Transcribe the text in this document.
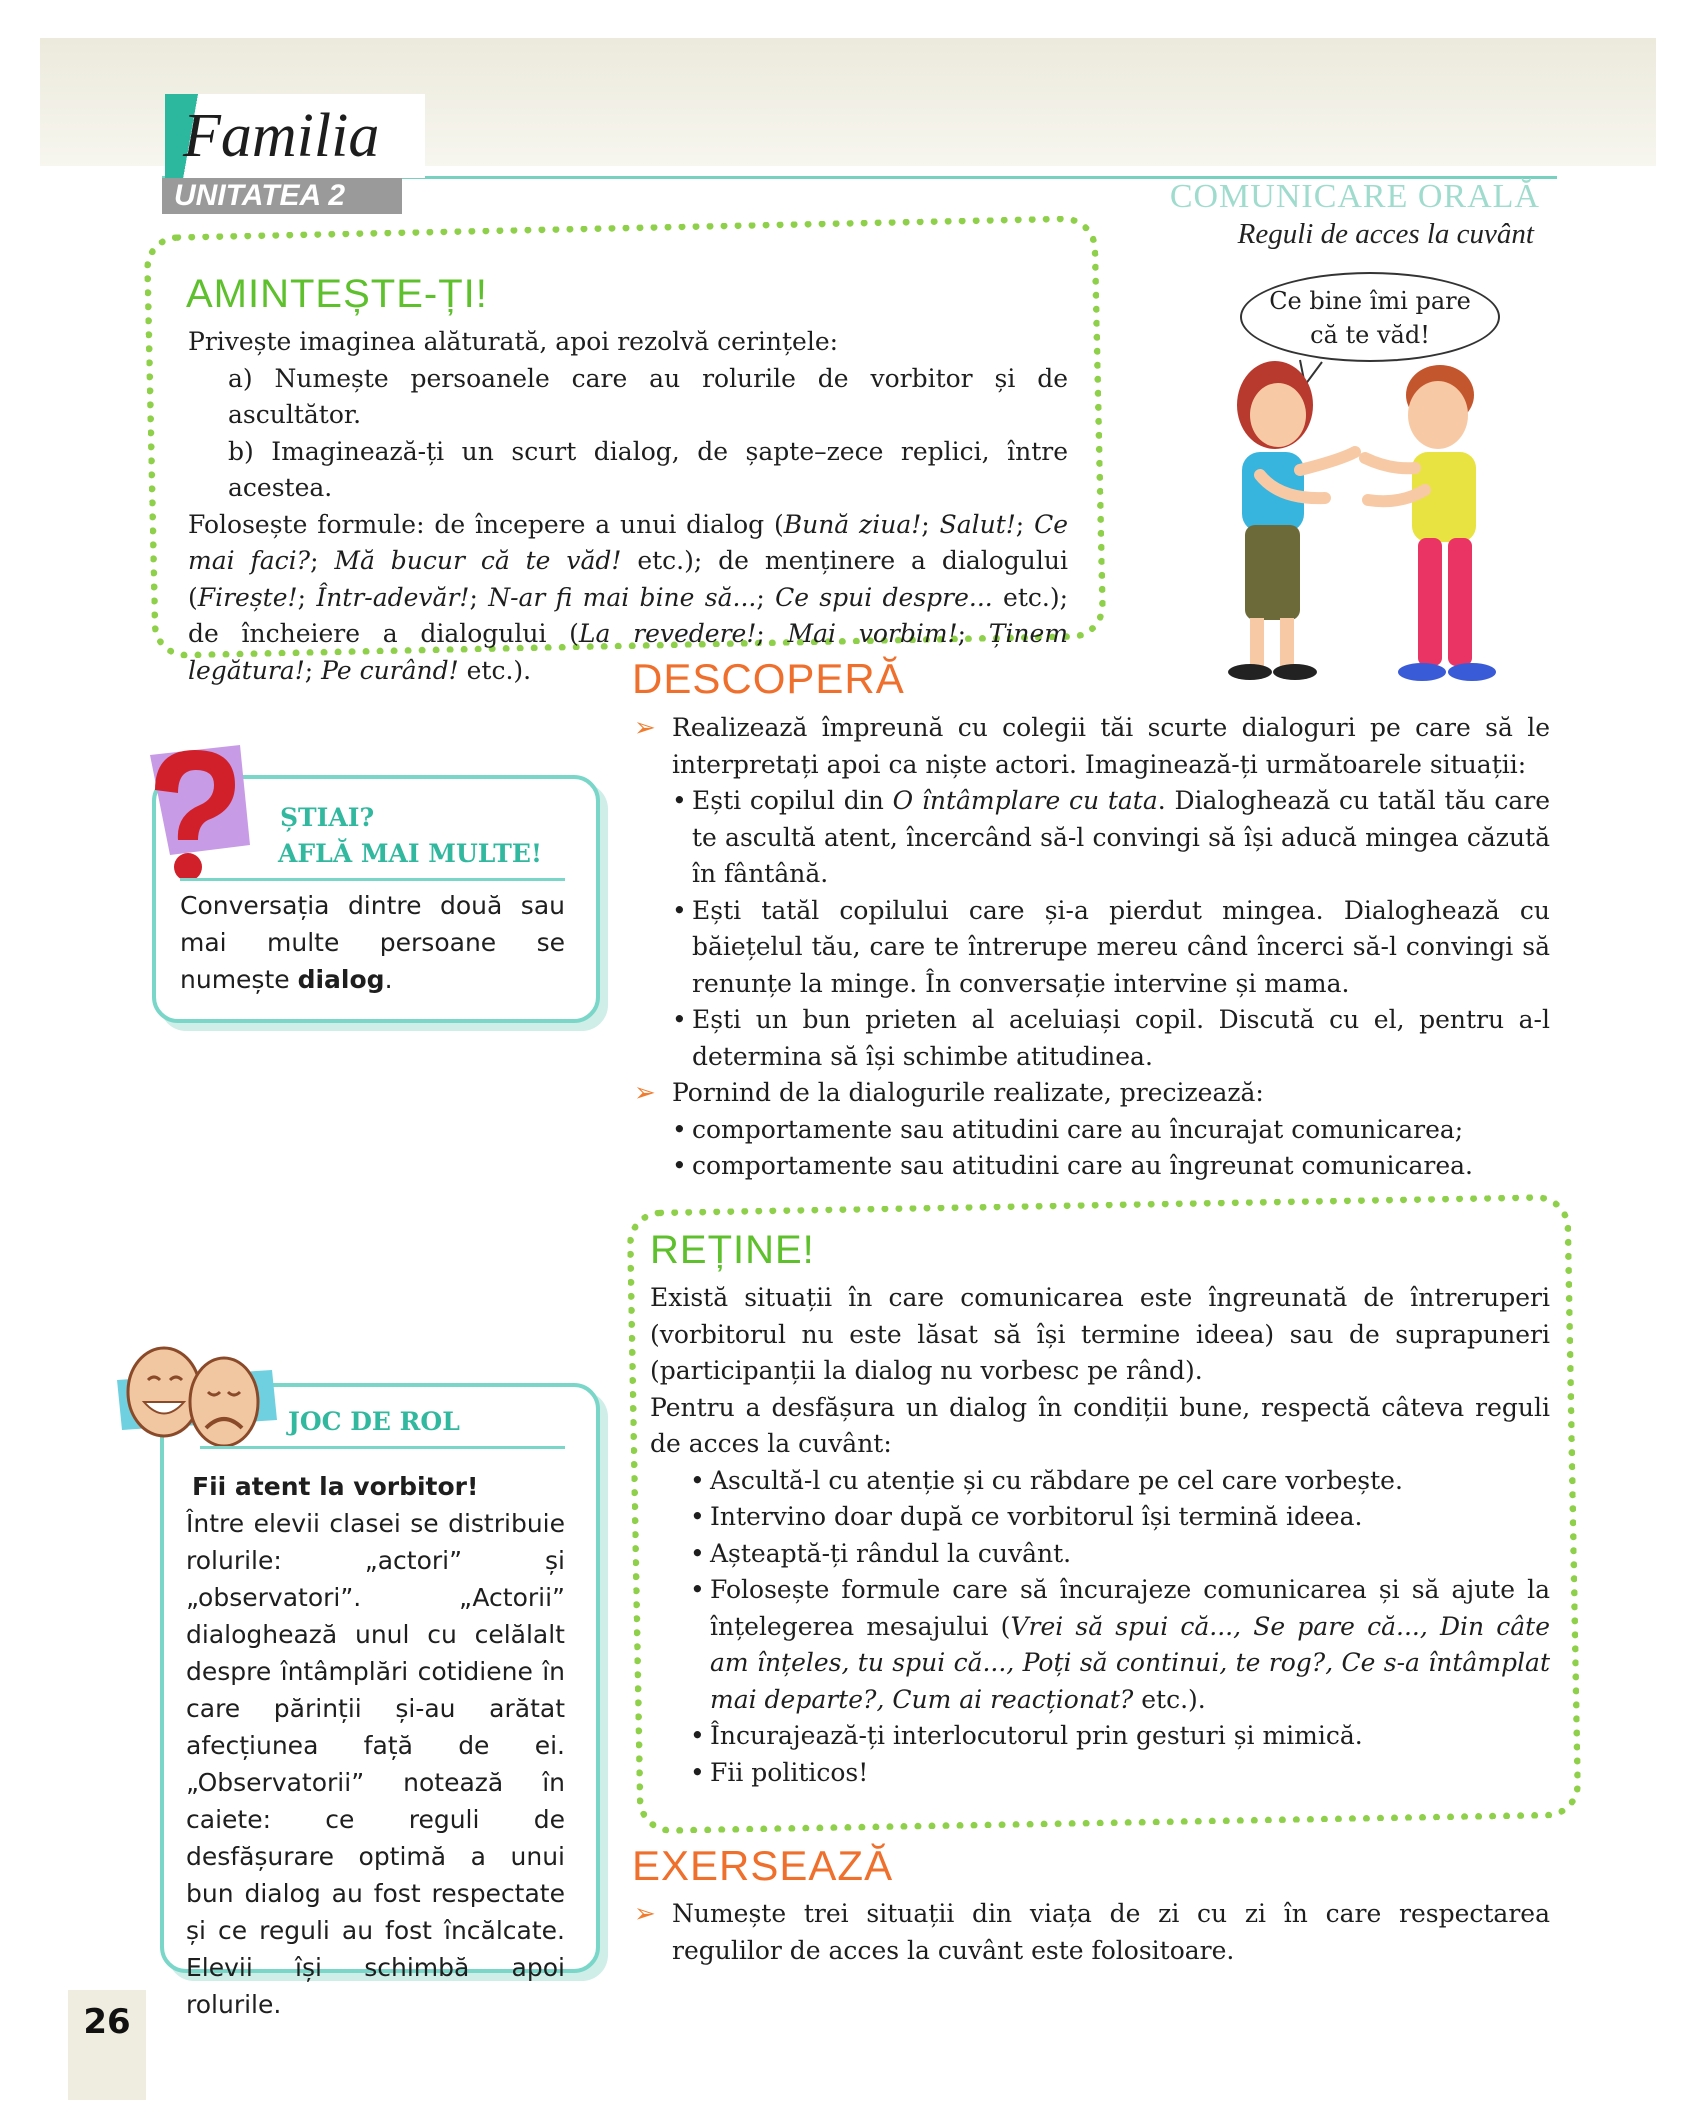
Familia
UNITATEA 2	COMUNICARE ORALĂ
Reguli de acces la cuvânt
AMINTEȘTE-ȚI!

Privește imaginea alăturată, apoi rezolvă cerințele:

a) Numește persoanele care au rolurile de vorbitor și de ascultător.

b) Imaginează-ți un scurt dialog, de șapte–zece replici, între acestea.

Folosește formule: de începere a unui dialog (Bună ziua!; Salut!; Ce mai faci?; Mă bucur că te văd! etc.); de menținere a dialogului (Firește!; Într-adevăr!; N-ar fi mai bine să...; Ce spui despre... etc.); de încheiere a dialogului (La revedere!; Mai vorbim!; Ținem legătura!; Pe curând! etc.).

Ce bine îmi pare
că te văd!
DESCOPERĂ
➢ Realizează împreună cu colegii tăi scurte dialoguri pe care să le interpretați apoi ca niște actori. Imaginează-ți următoarele situații:
• Ești copilul din O întâmplare cu tata. Dialoghează cu tatăl tău care te ascultă atent, încercând să-l convingi să își aducă mingea căzută în fântână.
• Ești tatăl copilului care și-a pierdut mingea. Dialoghează cu băiețelul tău, care te întrerupe mereu când încerci să-l convingi să renunțe la minge. În conversație intervine și mama.
• Ești un bun prieten al aceluiași copil. Discută cu el, pentru a-l determina să își schimbe atitudinea.
➢ Pornind de la dialogurile realizate, precizează:
• comportamente sau atitudini care au încurajat comunicarea;
• comportamente sau atitudini care au îngreunat comunicarea.
ȘTIAI?
AFLĂ MAI MULTE!
Conversația dintre două sau mai multe persoane se numește dialog.
REȚINE!

Există situații în care comunicarea este îngreunată de întreruperi (vorbitorul nu este lăsat să își termine ideea) sau de suprapuneri (participanții la dialog nu vorbesc pe rând).

Pentru a desfășura un dialog în condiții bune, respectă câteva reguli de acces la cuvânt:

• Ascultă-l cu atenție și cu răbdare pe cel care vorbește.
• Intervino doar după ce vorbitorul își termină ideea.
• Așteaptă-ți rândul la cuvânt.
• Folosește formule care să încurajeze comunicarea și să ajute la înțelegerea mesajului (Vrei să spui că..., Se pare că..., Din câte am înțeles, tu spui că..., Poți să continui, te rog?, Ce s-a întâmplat mai departe?, Cum ai reacționat? etc.).
• Încurajează-ți interlocutorul prin gesturi și mimică.
• Fii politicos!
JOC DE ROL
Fii atent la vorbitor!
Între elevii clasei se distribuie rolurile: „actori” și „observatori”. „Actorii” dialoghează unul cu celălalt despre întâmplări cotidiene în care părinții și-au arătat afecțiunea față de ei. „Observatorii” notează în caiete: ce reguli de desfășurare optimă a unui bun dialog au fost respectate și ce reguli au fost încălcate. Elevii își schimbă apoi rolurile.
EXERSEAZĂ
➢ Numește trei situații din viața de zi cu zi în care respectarea regulilor de acces la cuvânt este folositoare.
26
